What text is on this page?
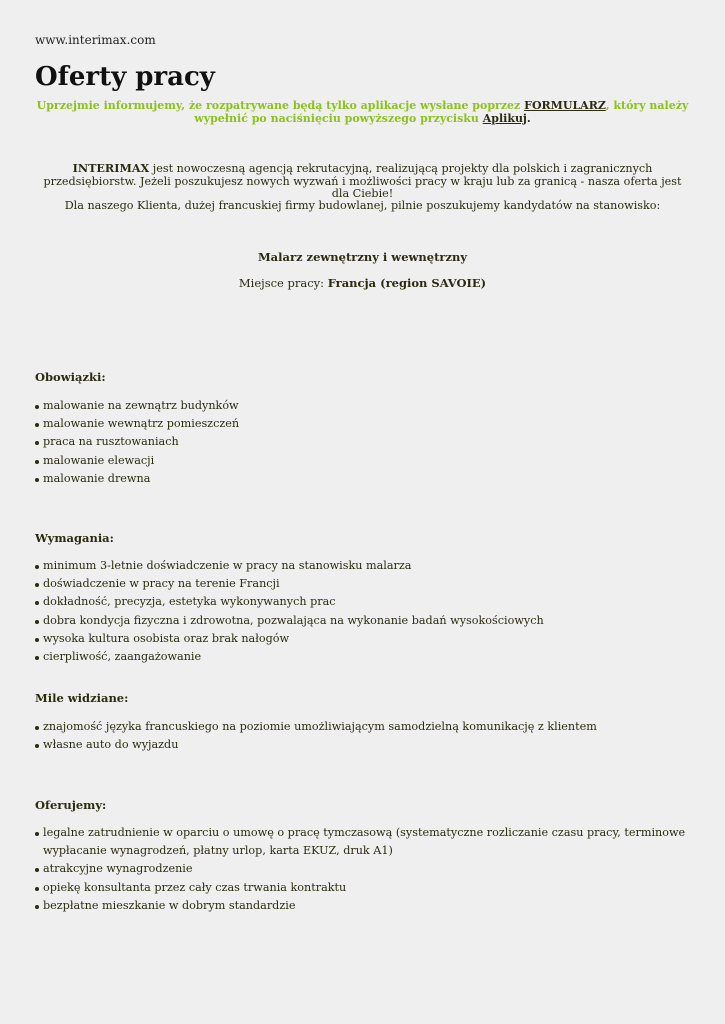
www.interimax.com
Oferty pracy
Uprzejmie informujemy, że rozpatrywane będą tylko aplikacje wysłane poprzez FORMULARZ, który należy wypełnić po naciśnięciu powyższego przycisku Aplikuj.
INTERIMAX jest nowoczesną agencją rekrutacyjną, realizującą projekty dla polskich i zagranicznych przedsiębiorstw. Jeżeli poszukujesz nowych wyzwań i możliwości pracy w kraju lub za granicą - nasza oferta jest dla Ciebie!
Dla naszego Klienta, dużej francuskiej firmy budowlanej, pilnie poszukujemy kandydatów na stanowisko:
Malarz zewnętrzny i wewnętrzny
Miejsce pracy: Francja (region SAVOIE)
Obowiązki:
malowanie na zewnątrz budynków
malowanie wewnątrz pomieszczeń
praca na rusztowaniach
malowanie elewacji
malowanie drewna
Wymagania:
minimum 3-letnie doświadczenie w pracy na stanowisku malarza
doświadczenie w pracy na terenie Francji
dokładność, precyzja, estetyka wykonywanych prac
dobra kondycja fizyczna i zdrowotna, pozwalająca na wykonanie badań wysokościowych
wysoka kultura osobista oraz brak nałogów
cierpliwość, zaangażowanie
Mile widziane:
znajomość języka francuskiego na poziomie umożliwiającym samodzielną komunikację z klientem
własne auto do wyjazdu
Oferujemy:
legalne zatrudnienie w oparciu o umowę o pracę tymczasową (systematyczne rozliczanie czasu pracy, terminowe wypłacanie wynagrodzeń, płatny urlop, karta EKUZ, druk A1)
atrakcyjne wynagrodzenie
opiekę konsultanta przez cały czas trwania kontraktu
bezpłatne mieszkanie w dobrym standardzie
